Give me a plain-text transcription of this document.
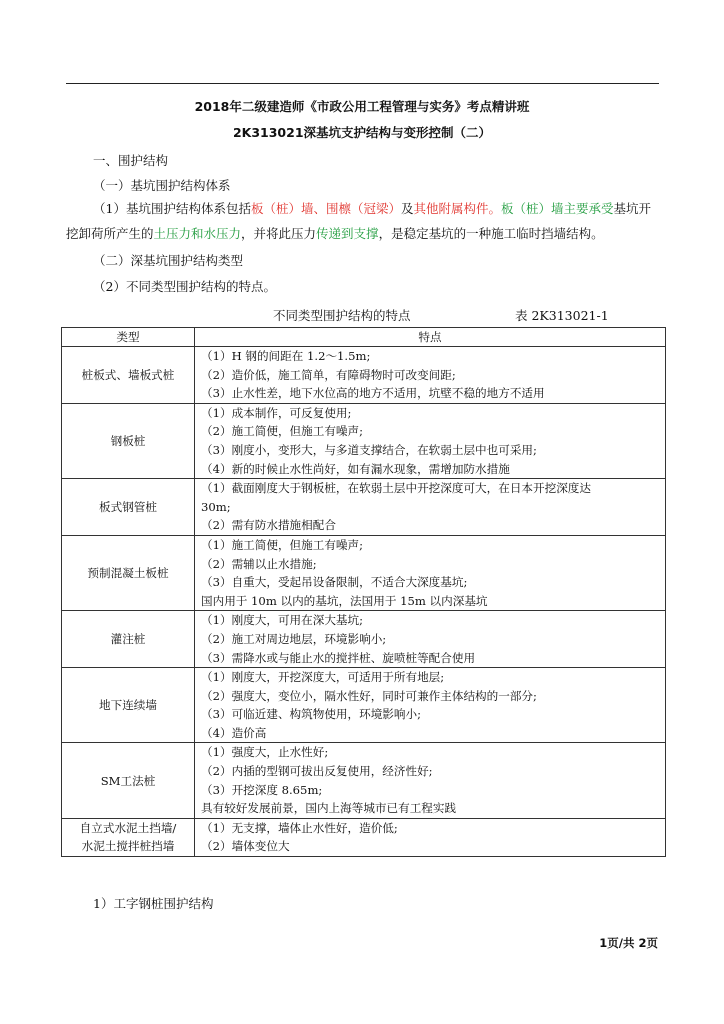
2018年二级建造师《市政公用工程管理与实务》考点精讲班
2K313021深基坑支护结构与变形控制（二）
一、围护结构
（一）基坑围护结构体系
（1）基坑围护结构体系包括板（桩）墙、围檩（冠梁）及其他附属构件。板（桩）墙主要承受基坑开挖卸荷所产生的土压力和水压力，并将此压力传递到支撑，是稳定基坑的一种施工临时挡墙结构。
（二）深基坑围护结构类型
（2）不同类型围护结构的特点。
不同类型围护结构的特点	表 2K313021-1
类型	特点
桩板式、墙板式桩	（1）H 钢的间距在 1.2～1.5m;
（2）造价低，施工简单，有障碍物时可改变间距;
（3）止水性差，地下水位高的地方不适用，坑壁不稳的地方不适用

钢板桩	（1）成本制作，可反复使用;
（2）施工简便，但施工有噪声;
（3）刚度小，变形大，与多道支撑结合，在软弱土层中也可采用;
（4）新的时候止水性尚好，如有漏水现象，需增加防水措施

板式钢管桩	（1）截面刚度大于钢板桩，在软弱土层中开挖深度可大，在日本开挖深度达
30m;
（2）需有防水措施相配合

预制混凝土板桩	（1）施工简便，但施工有噪声;
（2）需辅以止水措施;
（3）自重大，受起吊设备限制，不适合大深度基坑;
国内用于 10m 以内的基坑，法国用于 15m 以内深基坑

灌注桩	（1）刚度大，可用在深大基坑;
（2）施工对周边地层，环境影响小;
（3）需降水或与能止水的搅拌桩、旋喷桩等配合使用

地下连续墙	（1）刚度大，开挖深度大，可适用于所有地层;
（2）强度大，变位小，隔水性好，同时可兼作主体结构的一部分;
（3）可临近建、构筑物使用，环境影响小;
（4）造价高

SM工法桩	（1）强度大，止水性好;
（2）内插的型钢可拔出反复使用，经济性好;
（3）开挖深度 8.65m;
具有较好发展前景，国内上海等城市已有工程实践

自立式水泥土挡墙/
水泥土搅拌桩挡墙	（1）无支撑，墙体止水性好，造价低;
（2）墙体变位大
1）工字钢桩围护结构
1页/共 2页
